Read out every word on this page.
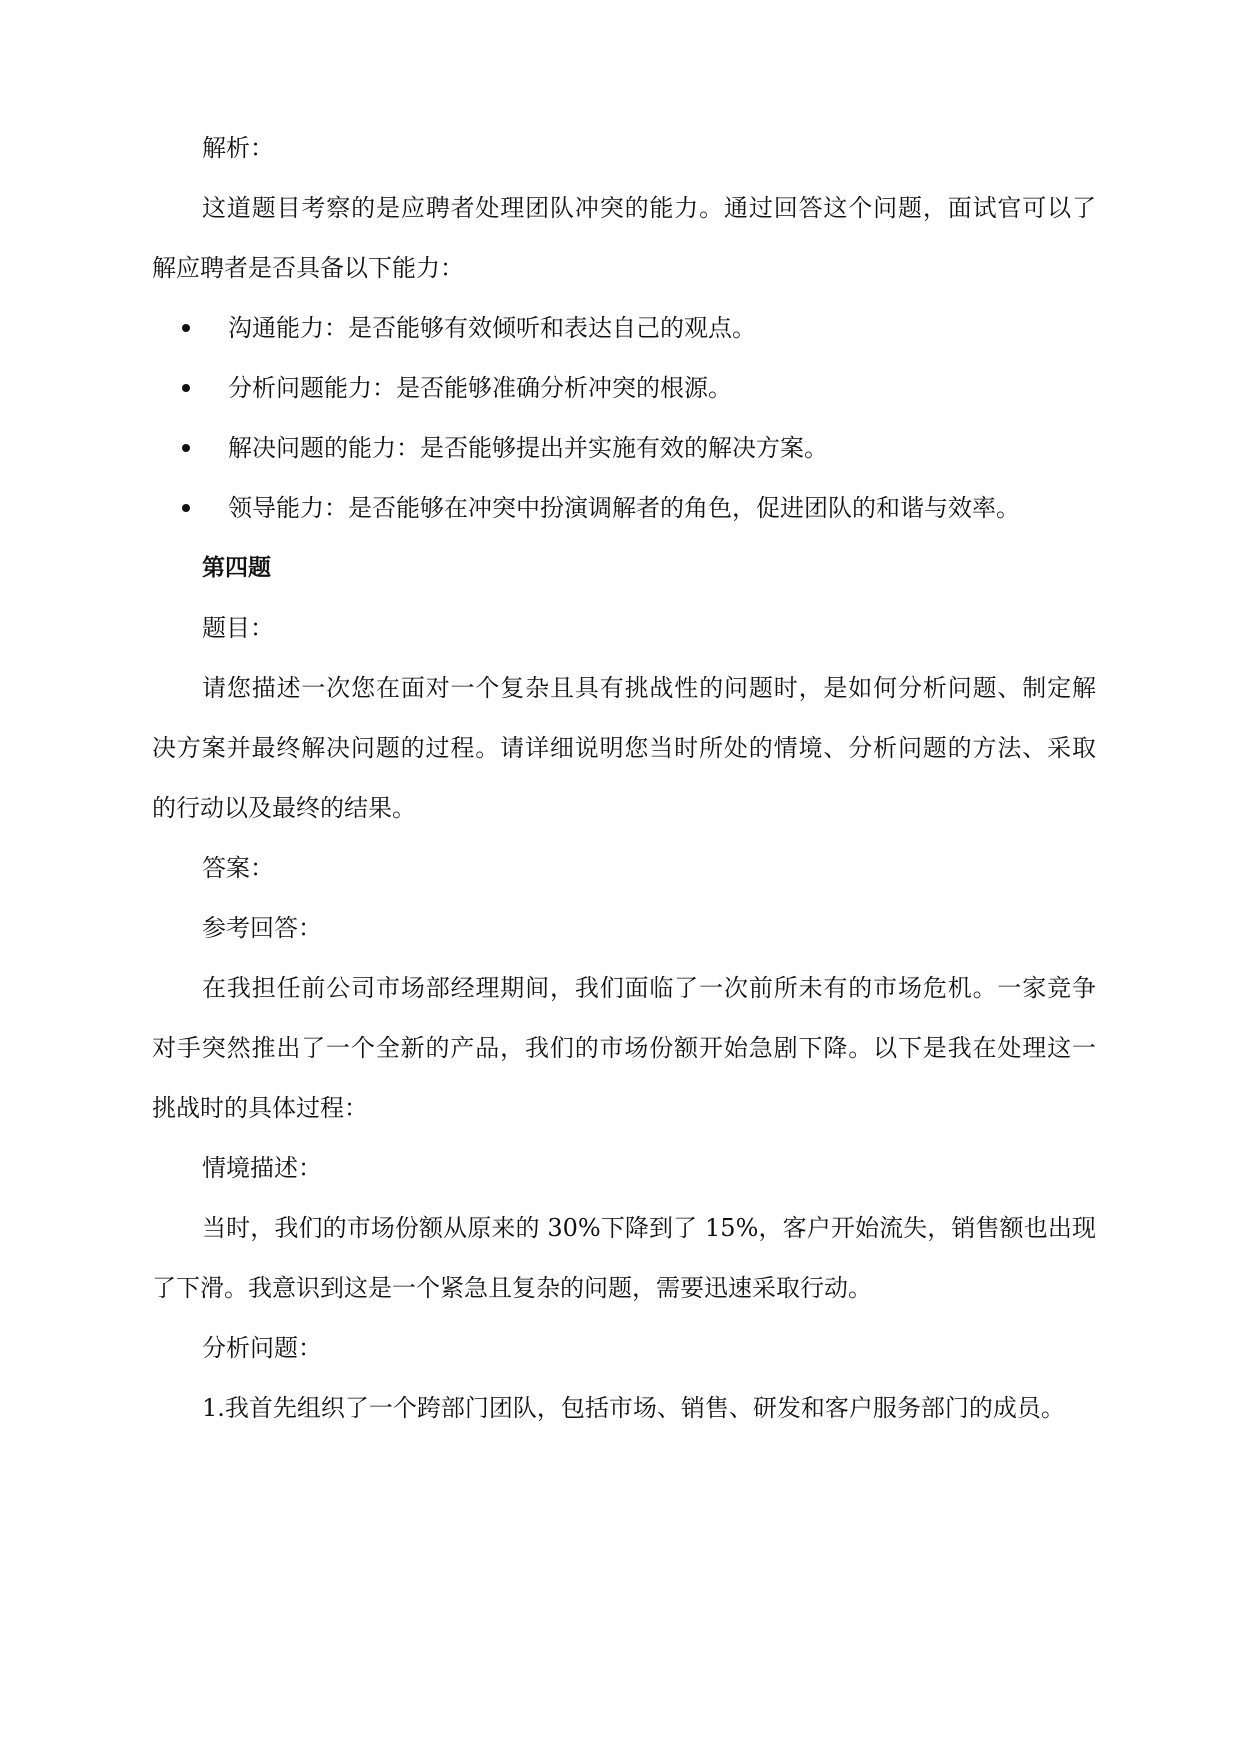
解析：
这道题目考察的是应聘者处理团队冲突的能力。通过回答这个问题，面试官可以了
解应聘者是否具备以下能力：
沟通能力：是否能够有效倾听和表达自己的观点。
分析问题能力：是否能够准确分析冲突的根源。
解决问题的能力：是否能够提出并实施有效的解决方案。
领导能力：是否能够在冲突中扮演调解者的角色，促进团队的和谐与效率。
第四题
题目：
请您描述一次您在面对一个复杂且具有挑战性的问题时，是如何分析问题、制定解
决方案并最终解决问题的过程。请详细说明您当时所处的情境、分析问题的方法、采取
的行动以及最终的结果。
答案：
参考回答：
在我担任前公司市场部经理期间，我们面临了一次前所未有的市场危机。一家竞争
对手突然推出了一个全新的产品，我们的市场份额开始急剧下降。以下是我在处理这一
挑战时的具体过程：
情境描述：
当时，我们的市场份额从原来的 30%下降到了 15%，客户开始流失，销售额也出现
了下滑。我意识到这是一个紧急且复杂的问题，需要迅速采取行动。
分析问题：
1.我首先组织了一个跨部门团队，包括市场、销售、研发和客户服务部门的成员。
